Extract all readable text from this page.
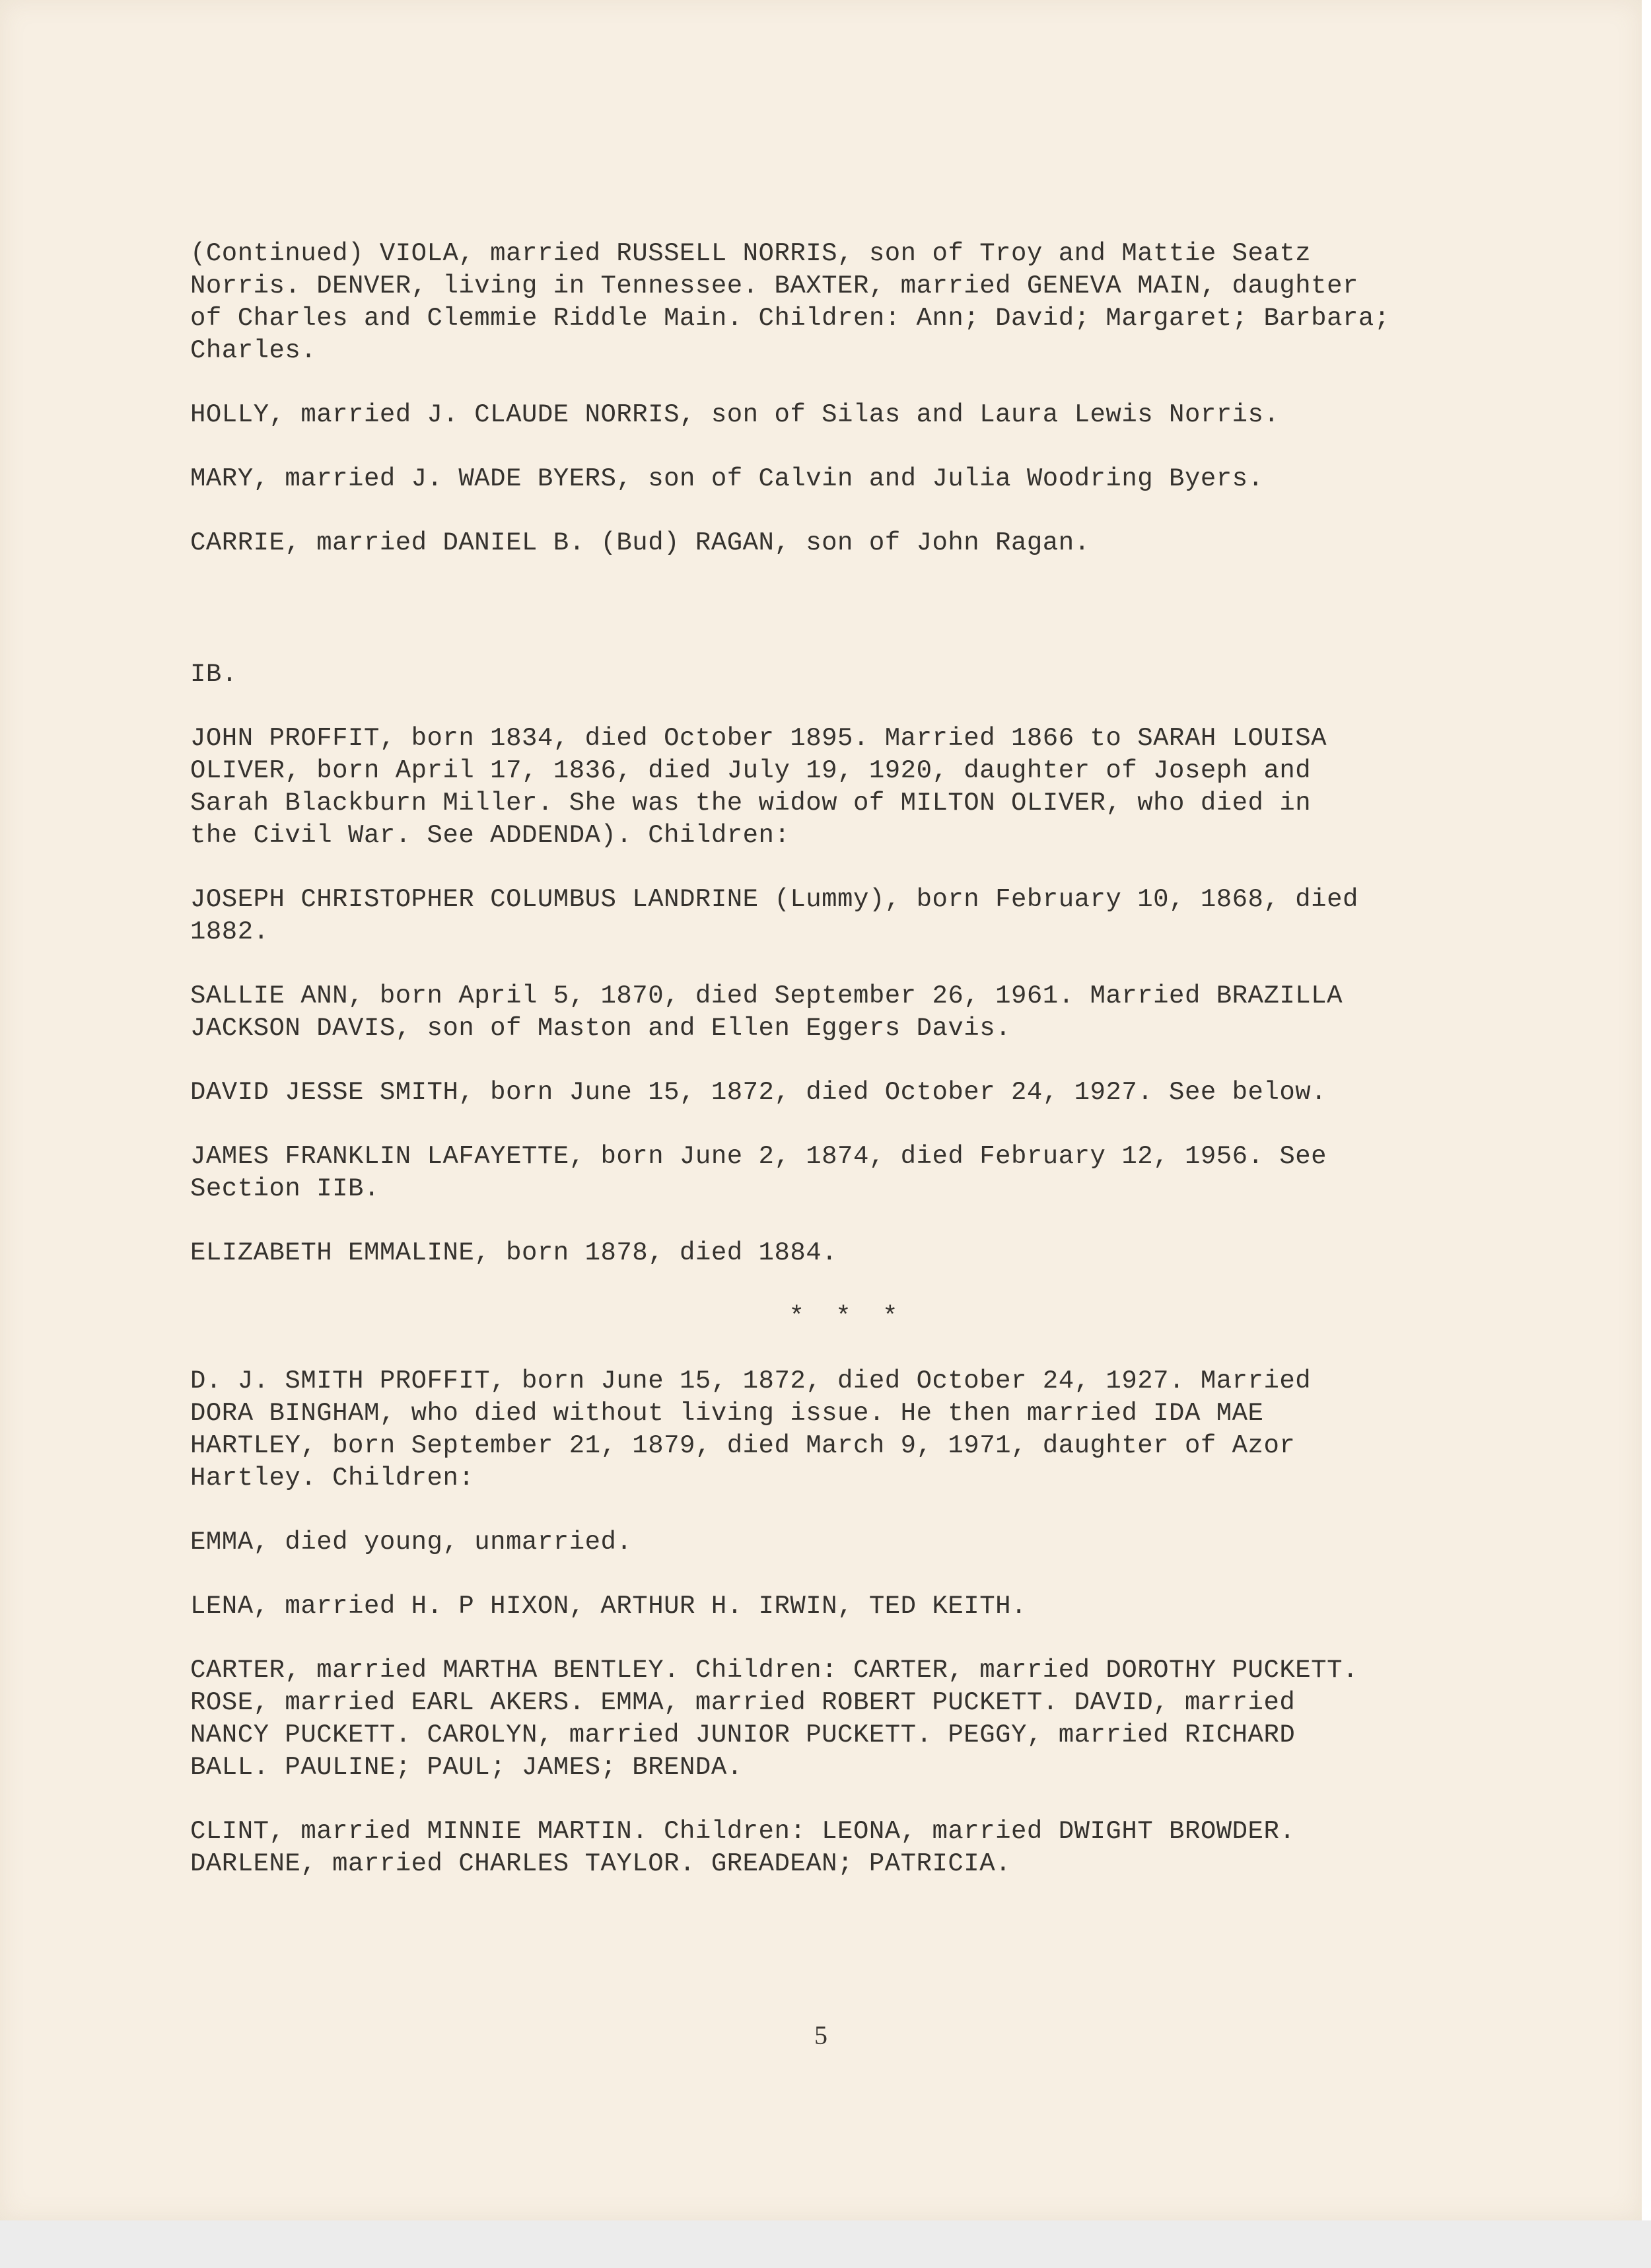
(Continued) VIOLA, married RUSSELL NORRIS, son of Troy and Mattie Seatz
Norris. DENVER, living in Tennessee. BAXTER, married GENEVA MAIN, daughter
of Charles and Clemmie Riddle Main. Children: Ann; David; Margaret; Barbara;
Charles.

HOLLY, married J. CLAUDE NORRIS, son of Silas and Laura Lewis Norris.

MARY, married J. WADE BYERS, son of Calvin and Julia Woodring Byers.

CARRIE, married DANIEL B. (Bud) RAGAN, son of John Ragan.

IB.

JOHN PROFFIT, born 1834, died October 1895. Married 1866 to SARAH LOUISA
OLIVER, born April 17, 1836, died July 19, 1920, daughter of Joseph and
Sarah Blackburn Miller. She was the widow of MILTON OLIVER, who died in
the Civil War. See ADDENDA). Children:

JOSEPH CHRISTOPHER COLUMBUS LANDRINE (Lummy), born February 10, 1868, died
1882.

SALLIE ANN, born April 5, 1870, died September 26, 1961. Married BRAZILLA
JACKSON DAVIS, son of Maston and Ellen Eggers Davis.

DAVID JESSE SMITH, born June 15, 1872, died October 24, 1927. See below.

JAMES FRANKLIN LAFAYETTE, born June 2, 1874, died February 12, 1956. See
Section IIB.

ELIZABETH EMMALINE, born 1878, died 1884.

* * *

D. J. SMITH PROFFIT, born June 15, 1872, died October 24, 1927. Married
DORA BINGHAM, who died without living issue. He then married IDA MAE
HARTLEY, born September 21, 1879, died March 9, 1971, daughter of Azor
Hartley. Children:

EMMA, died young, unmarried.

LENA, married H. P HIXON, ARTHUR H. IRWIN, TED KEITH.

CARTER, married MARTHA BENTLEY. Children: CARTER, married DOROTHY PUCKETT.
ROSE, married EARL AKERS. EMMA, married ROBERT PUCKETT. DAVID, married
NANCY PUCKETT. CAROLYN, married JUNIOR PUCKETT. PEGGY, married RICHARD
BALL. PAULINE; PAUL; JAMES; BRENDA.

CLINT, married MINNIE MARTIN. Children: LEONA, married DWIGHT BROWDER.
DARLENE, married CHARLES TAYLOR. GREADEAN; PATRICIA.

5
